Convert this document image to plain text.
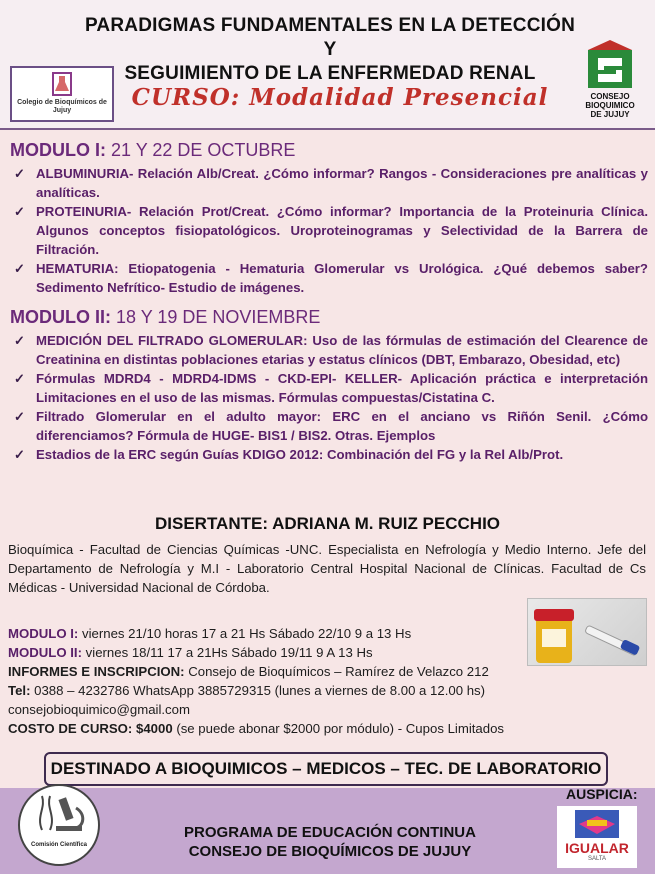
PARADIGMAS FUNDAMENTALES EN LA DETECCIÓN Y
SEGUIMIENTO DE LA ENFERMEDAD RENAL
Colegio de Bioquímicos de Jujuy	CURSO: Modalidad Presencial	CONSEJO
BIOQUIMICO
DE JUJUY
MODULO I: 21 Y 22 DE OCTUBRE
✓ ALBUMINURIA- Relación Alb/Creat. ¿Cómo informar? Rangos - Consideraciones pre analíticas y analíticas.
✓ PROTEINURIA- Relación Prot/Creat. ¿Cómo informar? Importancia de la Proteinuria Clínica. Algunos conceptos fisiopatológicos. Uroproteinogramas y Selectividad de la Barrera de Filtración.
✓ HEMATURIA: Etiopatogenia - Hematuria Glomerular vs Urológica. ¿Qué debemos saber? Sedimento Nefrítico- Estudio de imágenes.
MODULO II: 18 Y 19 DE NOVIEMBRE
✓ MEDICIÓN DEL FILTRADO GLOMERULAR: Uso de las fórmulas de estimación del Clearence de Creatinina en distintas poblaciones etarias y estatus clínicos (DBT, Embarazo, Obesidad, etc)
✓ Fórmulas MDRD4 - MDRD4-IDMS - CKD-EPI- KELLER- Aplicación práctica e interpretación Limitaciones en el uso de las mismas. Fórmulas compuestas/Cistatina C.
✓ Filtrado Glomerular en el adulto mayor: ERC en el anciano vs Riñón Senil. ¿Cómo diferenciamos? Fórmula de HUGE- BIS1 / BIS2. Otras. Ejemplos
✓ Estadios de la ERC según Guías KDIGO 2012: Combinación del FG y la Rel Alb/Prot.
DISERTANTE: ADRIANA M. RUIZ PECCHIO
Bioquímica - Facultad de Ciencias Químicas -UNC. Especialista en Nefrología y Medio Interno. Jefe del Departamento de Nefrología y M.I - Laboratorio Central Hospital Nacional de Clínicas. Facultad de Cs Médicas - Universidad Nacional de Córdoba.
MODULO I: viernes 21/10 horas 17 a 21 Hs Sábado 22/10 9 a 13 Hs
MODULO II: viernes 18/11 17 a 21Hs Sábado 19/11 9 A 13 Hs
INFORMES E INSCRIPCION: Consejo de Bioquímicos – Ramírez de Velazco 212
Tel: 0388 – 4232786 WhatsApp 3885729315 (lunes a viernes de 8.00 a 12.00 hs)
consejobioquimico@gmail.com
COSTO DE CURSO: $4000 (se puede abonar $2000 por módulo) - Cupos Limitados
DESTINADO A BIOQUIMICOS – MEDICOS – TEC. DE LABORATORIO
PROGRAMA DE EDUCACIÓN CONTINUA
CONSEJO DE BIOQUÍMICOS DE JUJUY
Comisión Científica
AUSPICIA:
IGUALAR
SALTA
